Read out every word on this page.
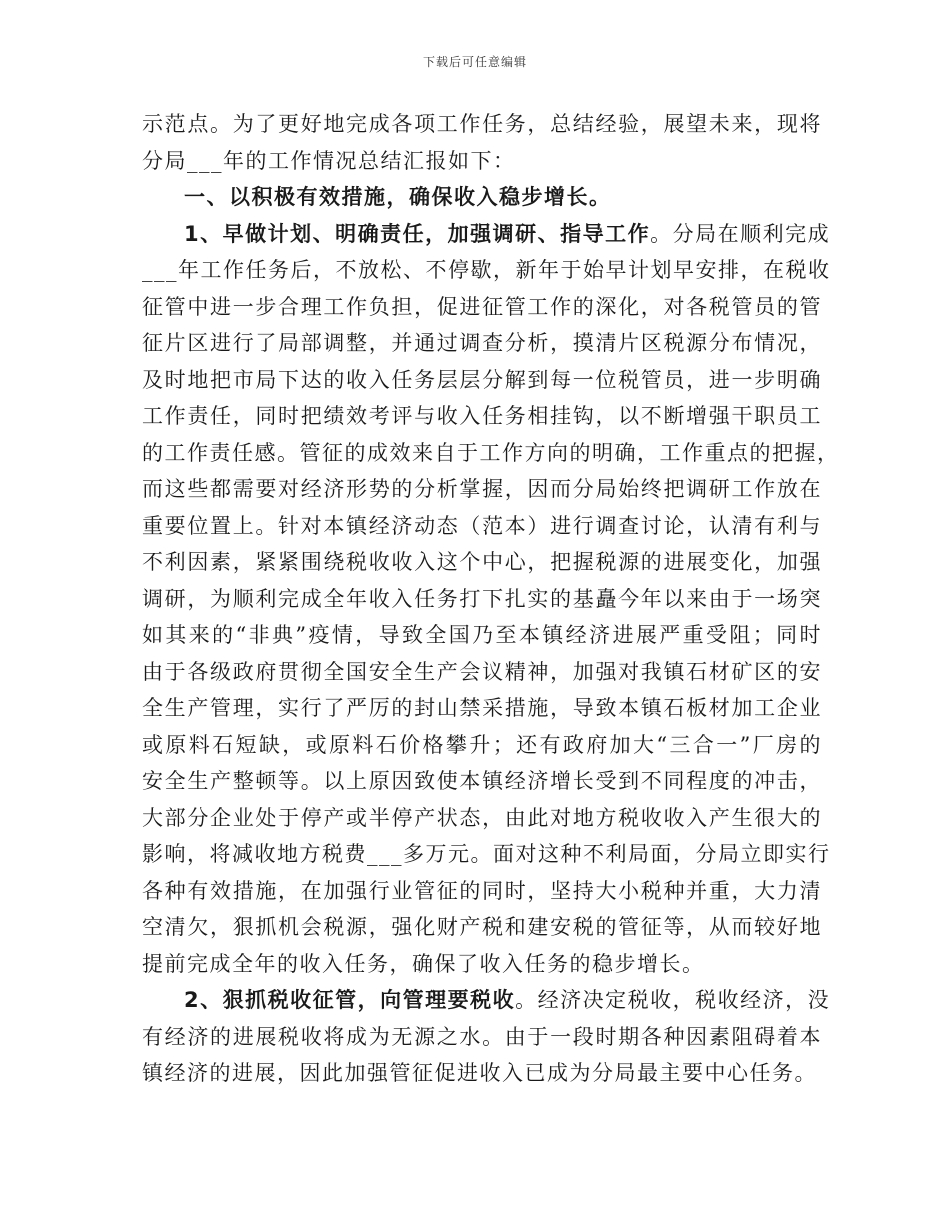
下载后可任意编辑
示范点。为了更好地完成各项工作任务，总结经验，展望未来，现将
分局___年的工作情况总结汇报如下：
一、以积极有效措施，确保收入稳步增长。
1、早做计划、明确责任，加强调研、指导工作。分局在顺利完成
___年工作任务后，不放松、不停歇，新年于始早计划早安排，在税收
征管中进一步合理工作负担，促进征管工作的深化，对各税管员的管
征片区进行了局部调整，并通过调查分析，摸清片区税源分布情况，
及时地把市局下达的收入任务层层分解到每一位税管员，进一步明确
工作责任，同时把绩效考评与收入任务相挂钩，以不断增强干职员工
的工作责任感。管征的成效来自于工作方向的明确，工作重点的把握，
而这些都需要对经济形势的分析掌握，因而分局始终把调研工作放在
重要位置上。针对本镇经济动态（范本）进行调查讨论，认清有利与
不利因素，紧紧围绕税收收入这个中心，把握税源的进展变化，加强
调研，为顺利完成全年收入任务打下扎实的基矗今年以来由于一场突
如其来的“非典”疫情，导致全国乃至本镇经济进展严重受阻；同时
由于各级政府贯彻全国安全生产会议精神，加强对我镇石材矿区的安
全生产管理，实行了严厉的封山禁采措施，导致本镇石板材加工企业
或原料石短缺，或原料石价格攀升；还有政府加大“三合一”厂房的
安全生产整顿等。以上原因致使本镇经济增长受到不同程度的冲击，
大部分企业处于停产或半停产状态，由此对地方税收收入产生很大的
影响，将减收地方税费___多万元。面对这种不利局面，分局立即实行
各种有效措施，在加强行业管征的同时，坚持大小税种并重，大力清
空清欠，狠抓机会税源，强化财产税和建安税的管征等，从而较好地
提前完成全年的收入任务，确保了收入任务的稳步增长。
2、狠抓税收征管，向管理要税收。经济决定税收，税收经济，没
有经济的进展税收将成为无源之水。由于一段时期各种因素阻碍着本
镇经济的进展，因此加强管征促进收入已成为分局最主要中心任务。
